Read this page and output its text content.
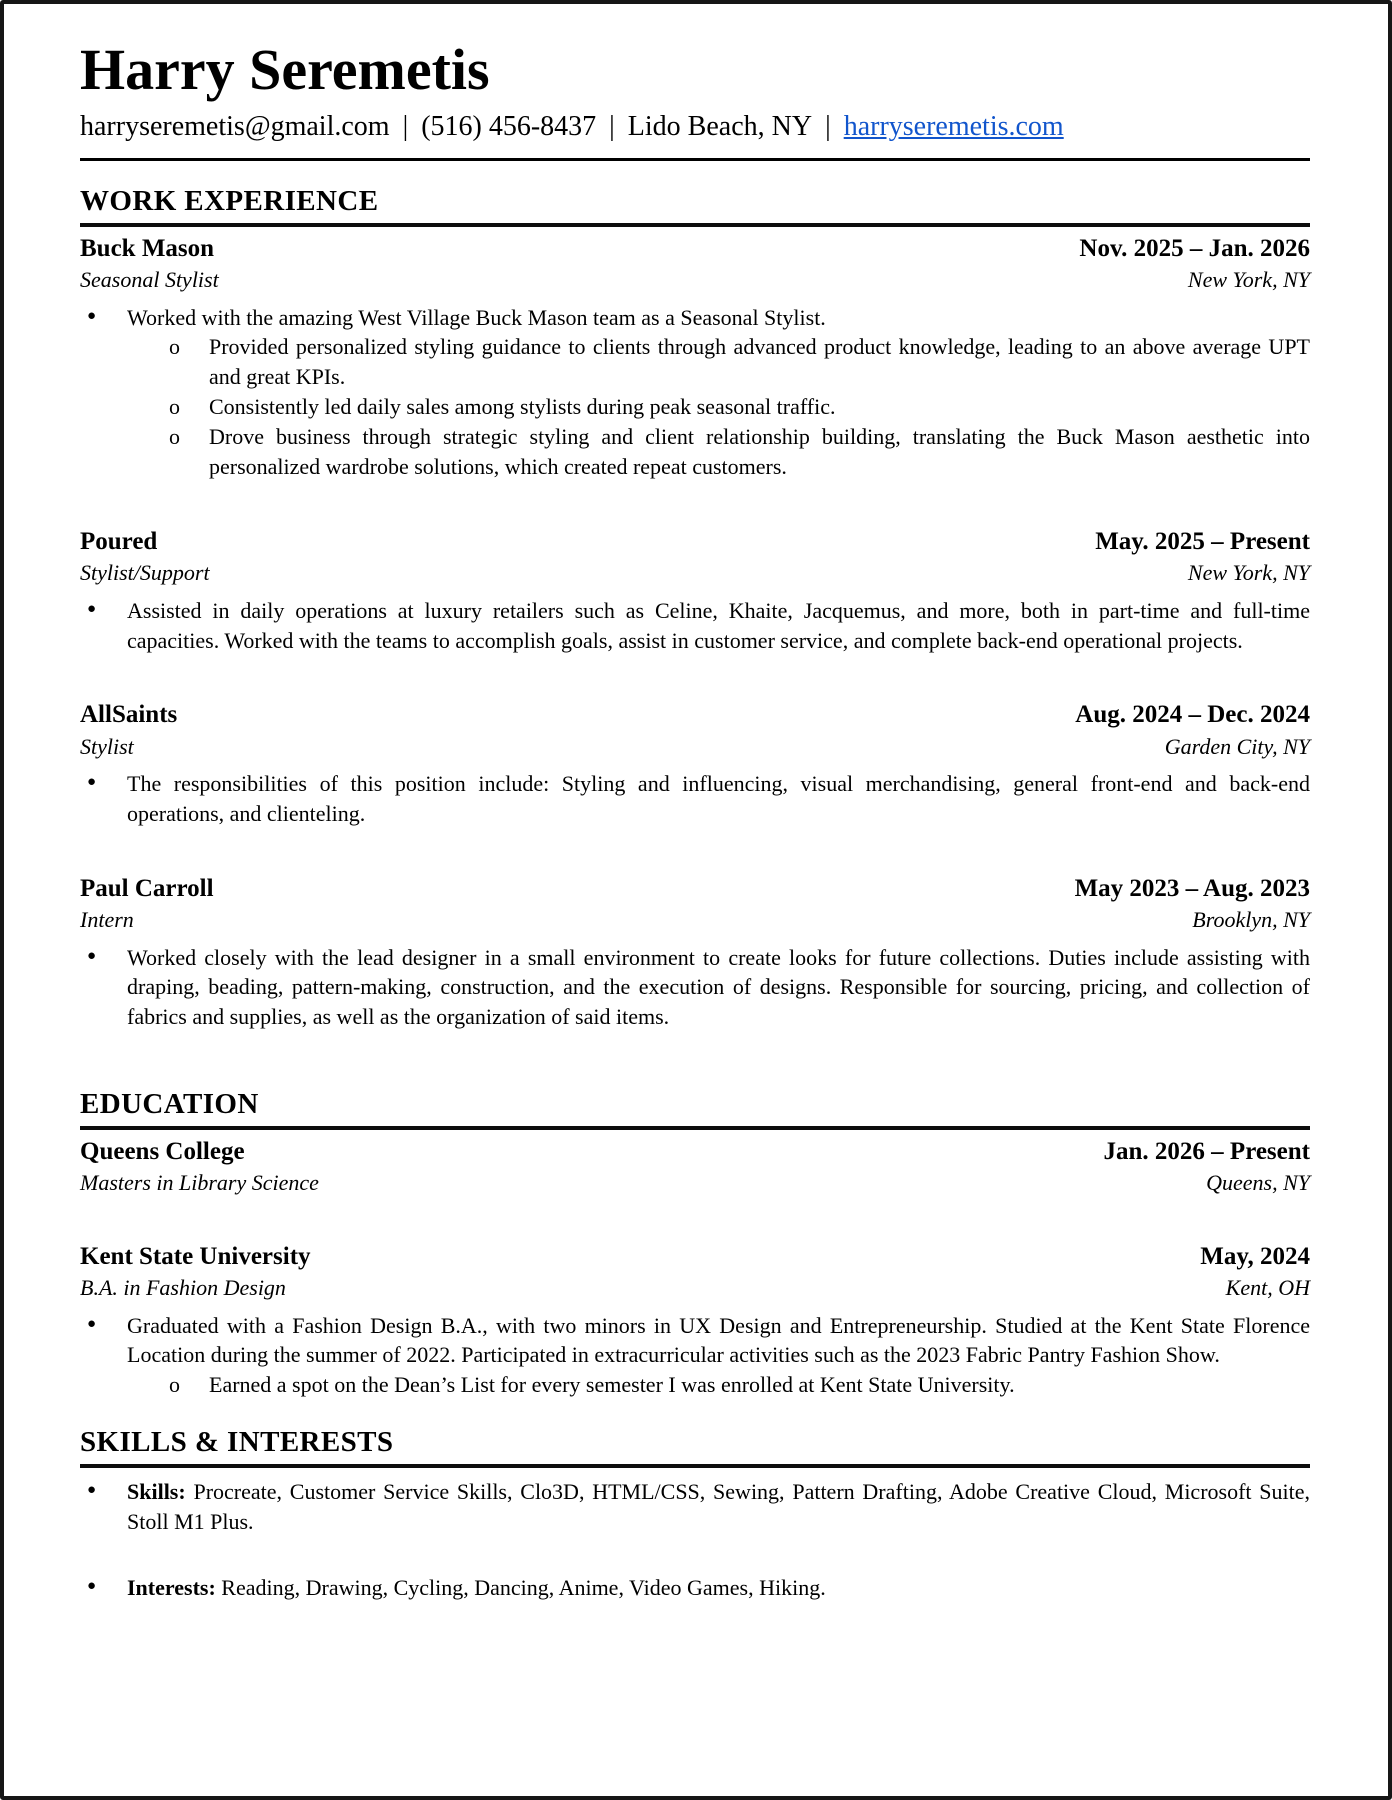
Harry Seremetis
harryseremetis@gmail.com | (516) 456-8437 | Lido Beach, NY | harryseremetis.com
WORK EXPERIENCE
Buck Mason	Nov. 2025 – Jan. 2026
Seasonal Stylist	New York, NY
● Worked with the amazing West Village Buck Mason team as a Seasonal Stylist.

o Provided personalized styling guidance to clients through advanced product knowledge, leading to an above average UPT and great KPIs.

o Consistently led daily sales among stylists during peak seasonal traffic.

o Drove business through strategic styling and client relationship building, translating the Buck Mason aesthetic into personalized wardrobe solutions, which created repeat customers.

Poured	May. 2025 – Present
Stylist/Support	New York, NY
● Assisted in daily operations at luxury retailers such as Celine, Khaite, Jacquemus, and more, both in part-time and full-time capacities. Worked with the teams to accomplish goals, assist in customer service, and complete back-end operational projects.

AllSaints	Aug. 2024 – Dec. 2024
Stylist	Garden City, NY
● The responsibilities of this position include: Styling and influencing, visual merchandising, general front-end and back-end operations, and clienteling.

Paul Carroll	May 2023 – Aug. 2023
Intern	Brooklyn, NY
● Worked closely with the lead designer in a small environment to create looks for future collections. Duties include assisting with draping, beading, pattern-making, construction, and the execution of designs. Responsible for sourcing, pricing, and collection of fabrics and supplies, as well as the organization of said items.

EDUCATION
Queens College	Jan. 2026 – Present
Masters in Library Science	Queens, NY
Kent State University	May, 2024
B.A. in Fashion Design	Kent, OH
● Graduated with a Fashion Design B.A., with two minors in UX Design and Entrepreneurship. Studied at the Kent State Florence Location during the summer of 2022. Participated in extracurricular activities such as the 2023 Fabric Pantry Fashion Show.

o Earned a spot on the Dean’s List for every semester I was enrolled at Kent State University.

SKILLS & INTERESTS
● Skills: Procreate, Customer Service Skills, Clo3D, HTML/CSS, Sewing, Pattern Drafting, Adobe Creative Cloud, Microsoft Suite, Stoll M1 Plus.

● Interests: Reading, Drawing, Cycling, Dancing, Anime, Video Games, Hiking.
